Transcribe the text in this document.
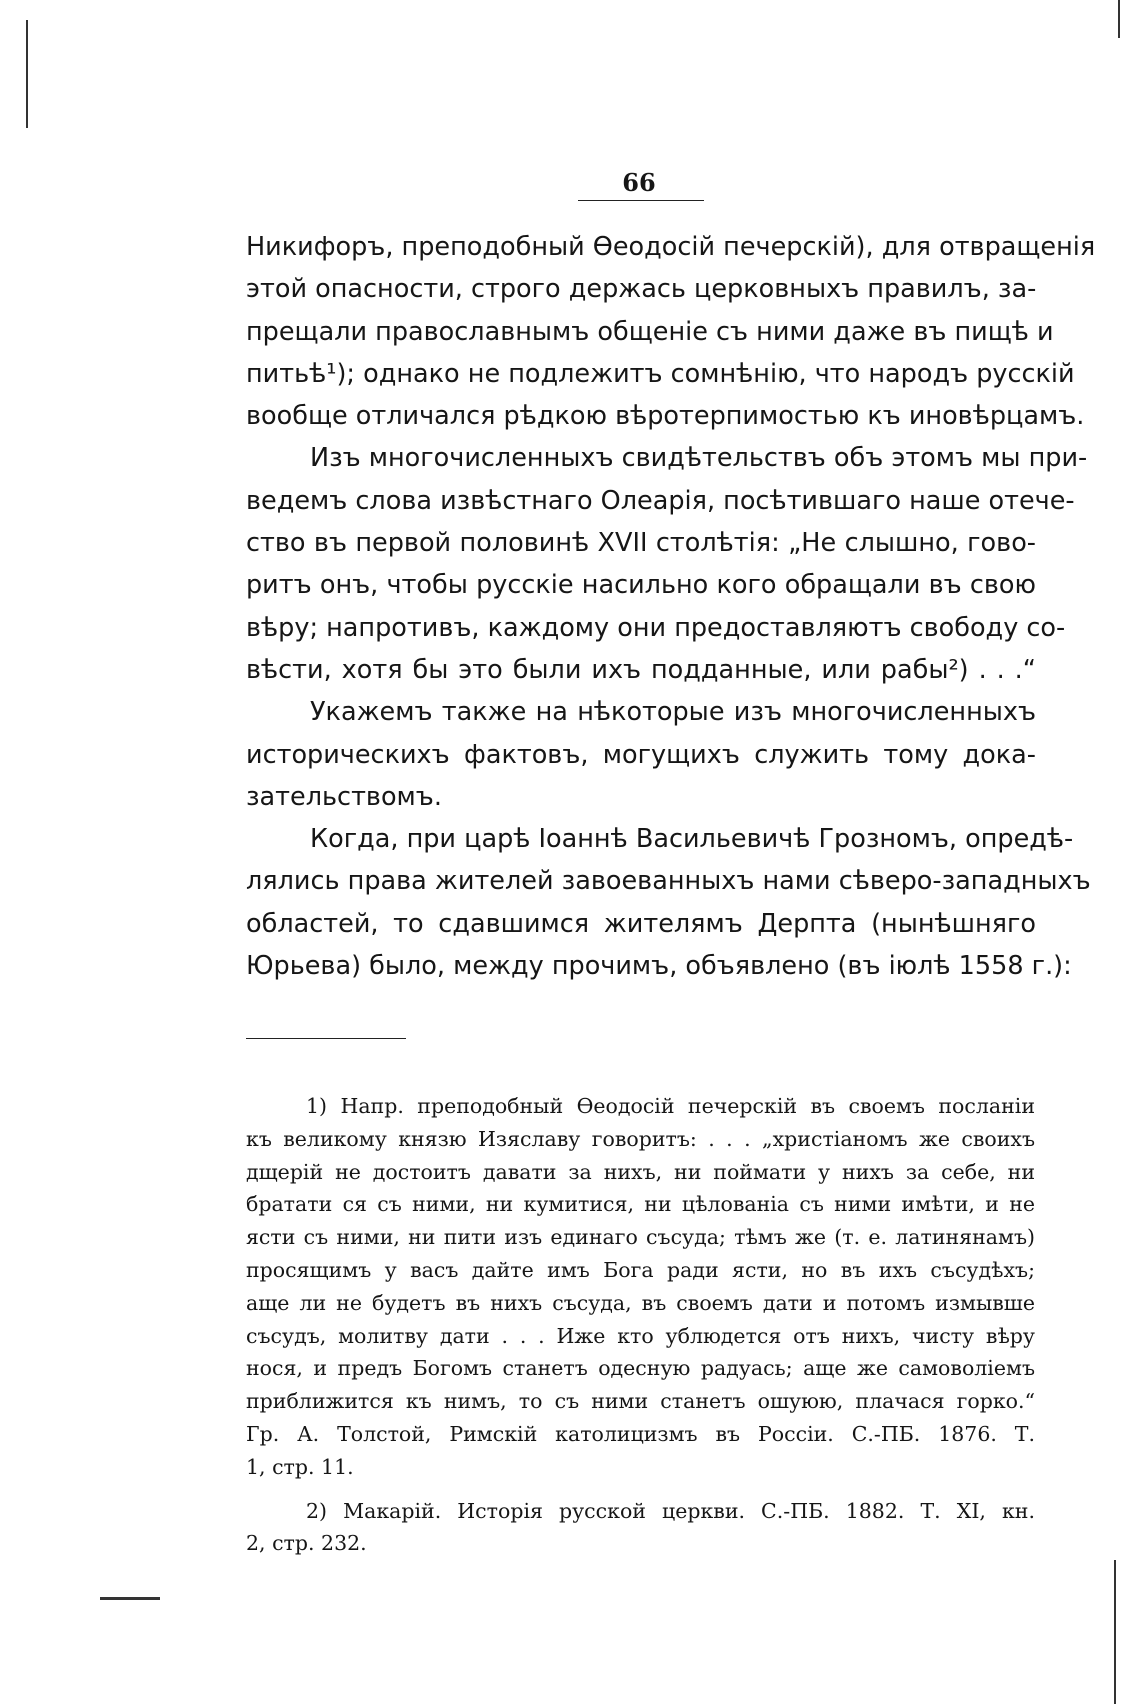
66
Никифоръ, преподобный Өеодосій печерскій), для отвращенія
этой опасности, строго держась церковныхъ правилъ, за-
прещали православнымъ общеніе съ ними даже въ пищѣ и
питьѣ¹); однако не подлежитъ сомнѣнію, что народъ русскій
вообще отличался рѣдкою вѣротерпимостью къ иновѣрцамъ.
Изъ многочисленныхъ свидѣтельствъ объ этомъ мы при-
ведемъ слова извѣстнаго Олеарія, посѣтившаго наше отече-
ство въ первой половинѣ XVII столѣтія: „Не слышно, гово-
ритъ онъ, чтобы русскіе насильно кого обращали въ свою
вѣру; напротивъ, каждому они предоставляютъ свободу со-
вѣсти, хотя бы это были ихъ подданные, или рабы²) . . .“
Укажемъ также на нѣкоторые изъ многочисленныхъ
историческихъ фактовъ, могущихъ служить тому дока-
зательствомъ.
Когда, при царѣ Іоаннѣ Васильевичѣ Грозномъ, опредѣ-
лялись права жителей завоеванныхъ нами сѣверо-западныхъ
областей, то сдавшимся жителямъ Дерпта (нынѣшняго
Юрьева) было, между прочимъ, объявлено (въ іюлѣ 1558 г.):
1) Напр. преподобный Өеодосій печерскій въ своемъ посланіи
къ великому князю Изяславу говоритъ: . . . „христіаномъ же своихъ
дщерій не достоитъ давати за нихъ, ни поймати у нихъ за себе, ни
братати ся съ ними, ни кумитися, ни цѣлованіа съ ними имѣти, и не
ясти съ ними, ни пити изъ единаго съсуда; тѣмъ же (т. е. латинянамъ)
просящимъ у васъ дайте имъ Бога ради ясти, но въ ихъ съсудѣхъ;
аще ли не будетъ въ нихъ съсуда, въ своемъ дати и потомъ измывше
съсудъ, молитву дати . . . Иже кто ублюдется отъ нихъ, чисту вѣру
нося, и предъ Богомъ станетъ одесную радуась; аще же самоволіемъ
приближится къ нимъ, то съ ними станетъ ошуюю, плачася горко.“
Гр. А. Толстой, Римскій католицизмъ въ Россіи. С.-ПБ. 1876. Т.
1, стр. 11.
2) Макарій. Исторія русской церкви. С.-ПБ. 1882. Т. XI, кн.
2, стр. 232.
